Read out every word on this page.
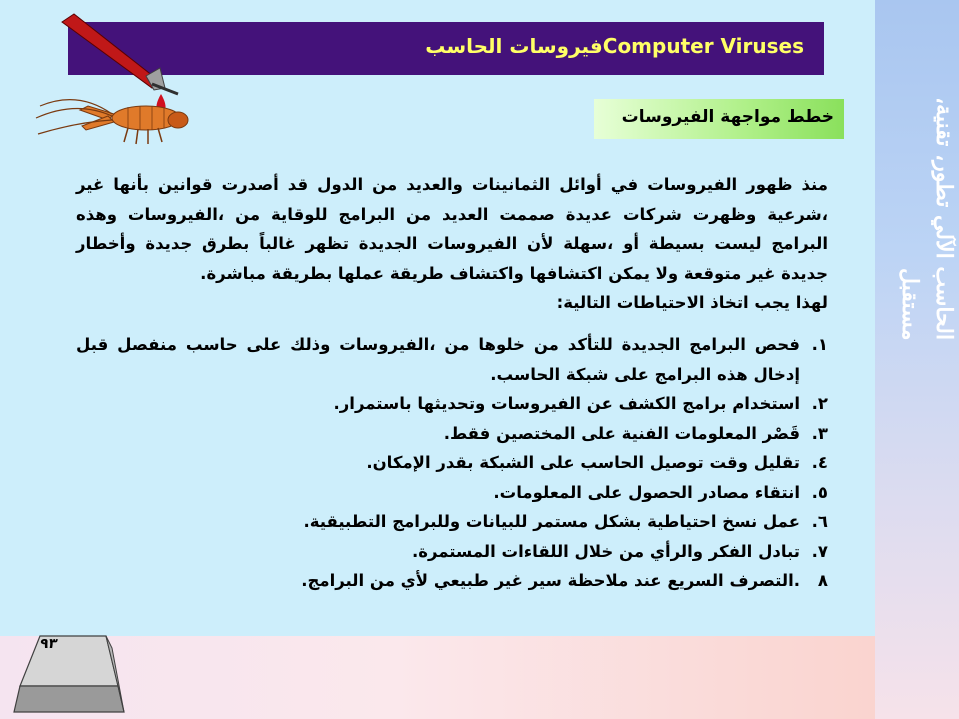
الحاسب الآلي تطور، تقنية، مستقبل
فيروسات الحاسبComputer Viruses
خطط مواجهة الفيروسات

منذ ظهور الفيروسات في أوائل الثمانينات والعديد من الدول قد أصدرت قوانين بأنها غير ،شرعية وظهرت شركات عديدة صممت العديد من البرامج للوقاية من ،الفيروسات وهذه البرامج ليست بسيطة أو ،سهلة لأن الفيروسات الجديدة تظهر غالباً بطرق جديدة وأخطار جديدة غير متوقعة ولا يمكن اكتشافها واكتشاف طريقة عملها بطريقة مباشرة.

لهذا يجب اتخاذ الاحتياطات التالية:

١.
فحص البرامج الجديدة للتأكد من خلوها من ،الفيروسات وذلك على حاسب منفصل قبل إدخال هذه البرامج على شبكة الحاسب.
٢.
استخدام برامج الكشف عن الفيروسات وتحديثها باستمرار.
٣.
قَصْر المعلومات الفنية على المختصين فقط.
٤.
تقليل وقت توصيل الحاسب على الشبكة بقدر الإمكان.
٥.
انتقاء مصادر الحصول على المعلومات.
٦.
عمل نسخ احتياطية بشكل مستمر للبيانات وللبرامج التطبيقية.
٧.
تبادل الفكر والرأي من خلال اللقاءات المستمرة.
٨
.التصرف السريع عند ملاحظة سير غير طبيعي لأي من البرامج.
٩٣
